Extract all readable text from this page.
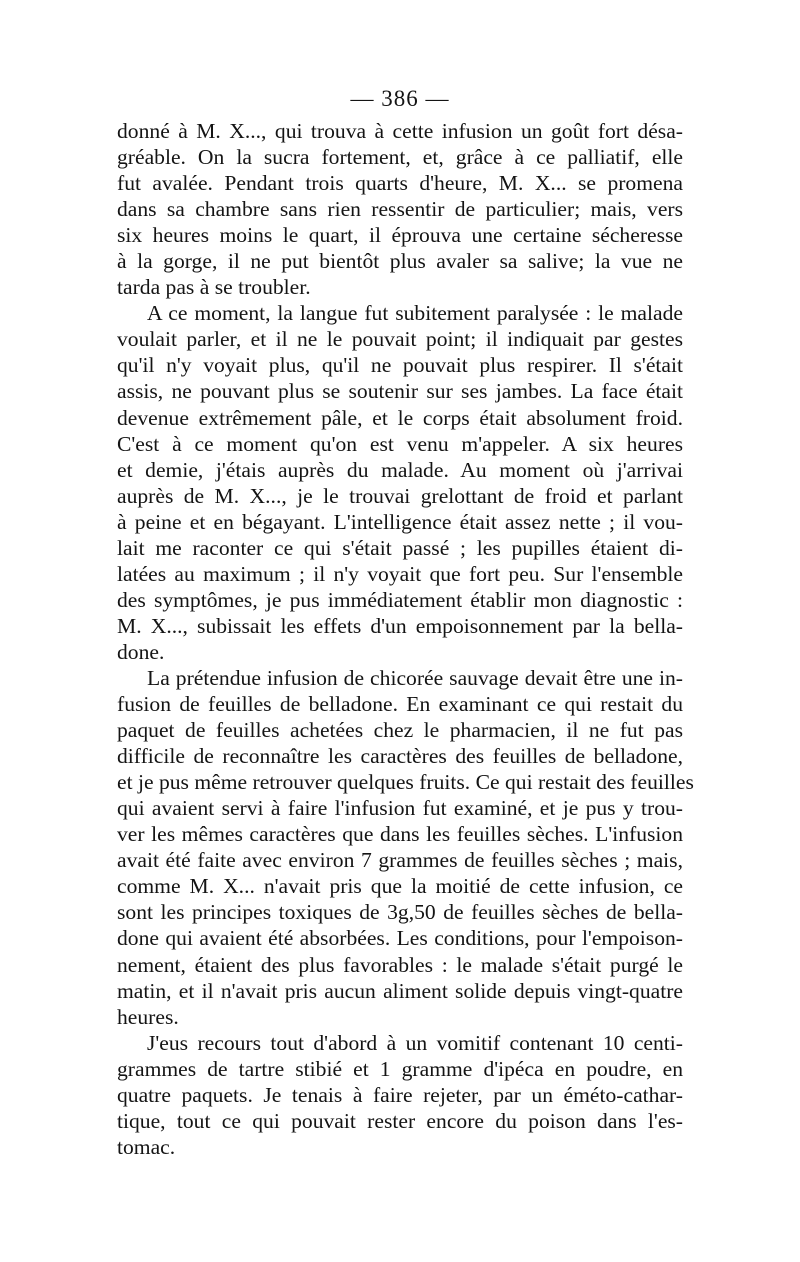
— 386 —
donné à M. X..., qui trouva à cette infusion un goût fort désa-
gréable. On la sucra fortement, et, grâce à ce palliatif, elle
fut avalée. Pendant trois quarts d'heure, M. X... se promena
dans sa chambre sans rien ressentir de particulier; mais, vers
six heures moins le quart, il éprouva une certaine sécheresse
à la gorge, il ne put bientôt plus avaler sa salive; la vue ne
tarda pas à se troubler.
A ce moment, la langue fut subitement paralysée : le malade
voulait parler, et il ne le pouvait point; il indiquait par gestes
qu'il n'y voyait plus, qu'il ne pouvait plus respirer. Il s'était
assis, ne pouvant plus se soutenir sur ses jambes. La face était
devenue extrêmement pâle, et le corps était absolument froid.
C'est à ce moment qu'on est venu m'appeler. A six heures
et demie, j'étais auprès du malade. Au moment où j'arrivai
auprès de M. X..., je le trouvai grelottant de froid et parlant
à peine et en bégayant. L'intelligence était assez nette ; il vou-
lait me raconter ce qui s'était passé ; les pupilles étaient di-
latées au maximum ; il n'y voyait que fort peu. Sur l'ensemble
des symptômes, je pus immédiatement établir mon diagnostic :
M. X..., subissait les effets d'un empoisonnement par la bella-
done.
La prétendue infusion de chicorée sauvage devait être une in-
fusion de feuilles de belladone. En examinant ce qui restait du
paquet de feuilles achetées chez le pharmacien, il ne fut pas
difficile de reconnaître les caractères des feuilles de belladone,
et je pus même retrouver quelques fruits. Ce qui restait des feuilles
qui avaient servi à faire l'infusion fut examiné, et je pus y trou-
ver les mêmes caractères que dans les feuilles sèches. L'infusion
avait été faite avec environ 7 grammes de feuilles sèches ; mais,
comme M. X... n'avait pris que la moitié de cette infusion, ce
sont les principes toxiques de 3g,50 de feuilles sèches de bella-
done qui avaient été absorbées. Les conditions, pour l'empoison-
nement, étaient des plus favorables : le malade s'était purgé le
matin, et il n'avait pris aucun aliment solide depuis vingt-quatre
heures.
J'eus recours tout d'abord à un vomitif contenant 10 centi-
grammes de tartre stibié et 1 gramme d'ipéca en poudre, en
quatre paquets. Je tenais à faire rejeter, par un éméto-cathar-
tique, tout ce qui pouvait rester encore du poison dans l'es-
tomac.
